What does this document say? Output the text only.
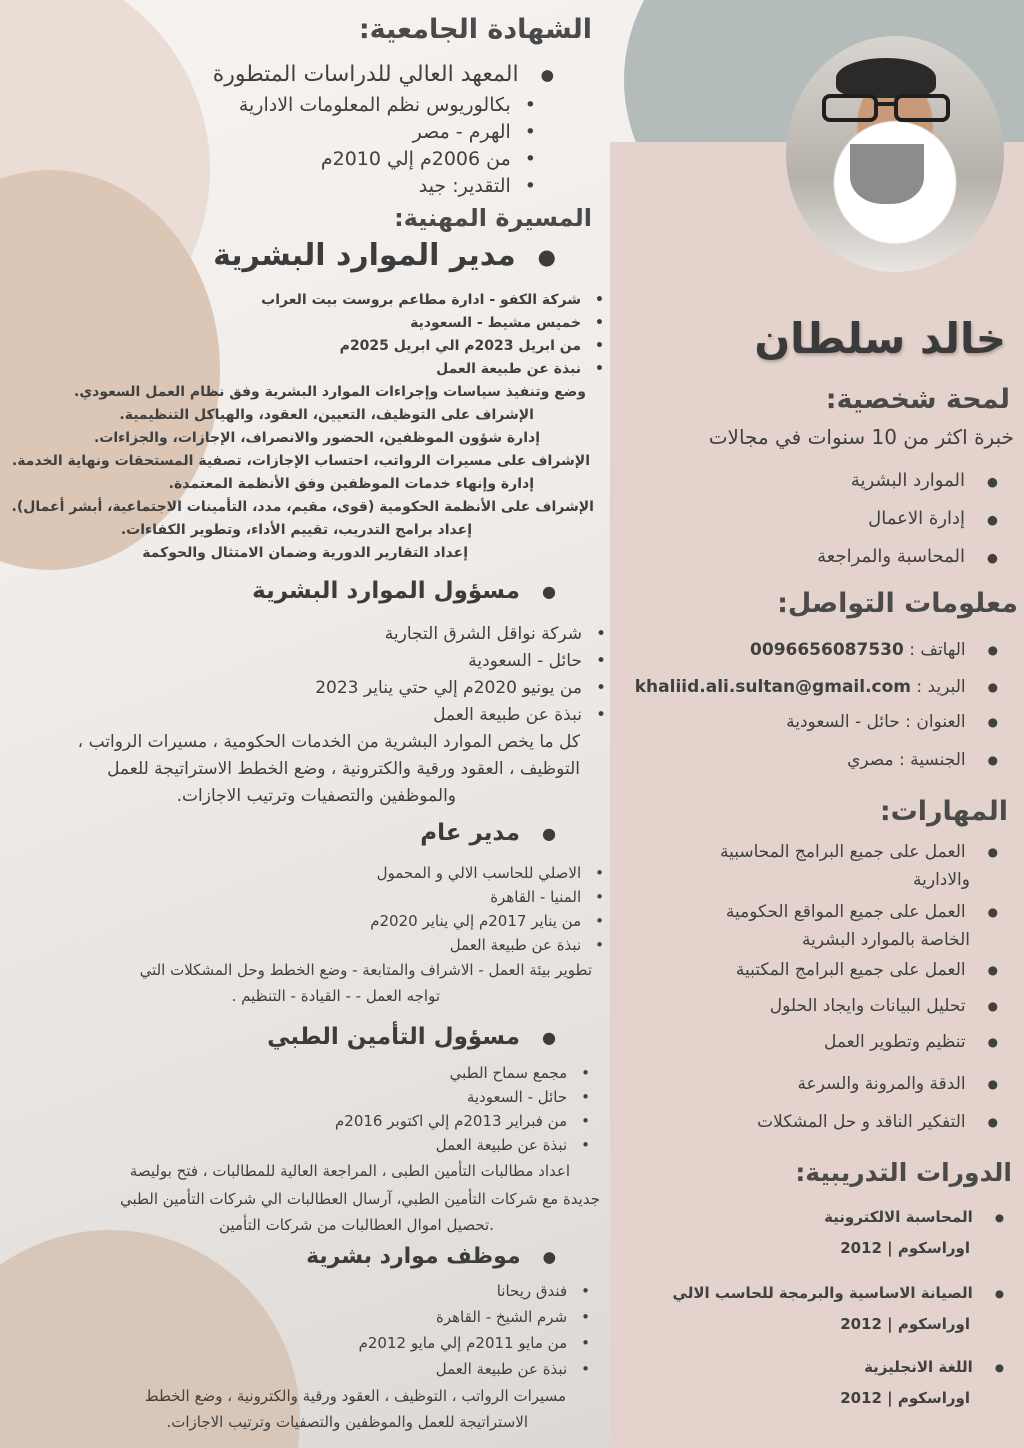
الشهادة الجامعية:
● المعهد العالي للدراسات المتطورة
• بكالوريوس نظم المعلومات الادارية
• الهرم - مصر
• من 2006م إلي 2010م
• التقدير: جيد
المسيرة المهنية:
● مدير الموارد البشرية
• شركة الكفو - ادارة مطاعم بروست بيت العراب
• خميس مشيط - السعودية
• من ابريل 2023م الي ابريل 2025م
• نبذة عن طبيعة العمل
وضع وتنفيذ سياسات وإجراءات الموارد البشرية وفق نظام العمل السعودي.
الإشراف على التوظيف، التعيين، العقود، والهياكل التنظيمية.
إدارة شؤون الموظفين، الحضور والانصراف، الإجازات، والجزاءات.
الإشراف على مسيرات الرواتب، احتساب الإجازات، تصفية المستحقات ونهاية الخدمة.
إدارة وإنهاء خدمات الموظفين وفق الأنظمة المعتمدة.
الإشراف على الأنظمة الحكومية (قوى، مقيم، مدد، التأمينات الاجتماعية، أبشر أعمال).
إعداد برامج التدريب، تقييم الأداء، وتطوير الكفاءات.
إعداد التقارير الدورية وضمان الامتثال والحوكمة
● مسؤول الموارد البشرية
• شركة نواقل الشرق التجارية
• حائل - السعودية
• من يونيو 2020م إلي حتي يناير 2023
• نبذة عن طبيعة العمل
كل ما يخص الموارد البشرية من الخدمات الحكومية ، مسيرات الرواتب ،
التوظيف ، العقود ورقية والكترونية ، وضع الخطط الاستراتيجة للعمل
والموظفين والتصفيات وترتيب الاجازات.
● مدير عام
• الاصلي للحاسب الالي و المحمول
• المنيا - القاهرة
• من يناير 2017م إلي يناير 2020م
• نبذة عن طبيعة العمل
تطوير بيئة العمل - الاشراف والمتابعة - وضع الخطط وحل المشكلات التي
تواجه العمل - - القيادة - التنظيم .
● مسؤول التأمين الطبي
• مجمع سماح الطبي
• حائل - السعودية
• من فبراير 2013م إلي اكتوبر 2016م
• نبذة عن طبيعة العمل
اعداد مطالبات التأمين الطبى ، المراجعة العالية للمطالبات ، فتح بوليصة
جديدة مع شركات التأمين الطبي، آرسال العطالبات الي شركات التأمين الطبي
.تحصيل اموال العطالبات من شركات التأمين
● موظف موارد بشرية
• فندق ريحانا
• شرم الشيخ - القاهرة
• من مايو 2011م إلي مايو 2012م
• نبذة عن طبيعة العمل
مسيرات الرواتب ، التوظيف ، العقود ورقية والكترونية ، وضع الخطط
الاستراتيجة للعمل والموظفين والتصفيات وترتيب الاجازات.
خالد سلطان
لمحة شخصية:
خبرة اكثر من 10 سنوات في مجالات
● الموارد البشرية
● إدارة الاعمال
● المحاسبة والمراجعة
معلومات التواصل:
● الهاتف : 0096656087530
● البريد : khaliid.ali.sultan@gmail.com
● العنوان : حائل - السعودية
● الجنسية : مصري
المهارات:
● العمل على جميع البرامج المحاسبية
والادارية
● العمل على جميع المواقع الحكومية
الخاصة بالموارد البشرية
● العمل على جميع البرامج المكتبية
● تحليل البيانات وايجاد الحلول
● تنظيم وتطوير العمل
● الدقة والمرونة والسرعة
● التفكير الناقد و حل المشكلات
الدورات التدريبية:
● المحاسبة الالكترونية
اوراسكوم | 2012
● الصيانة الاساسية والبرمجة للحاسب الالي
اوراسكوم | 2012
● اللغة الانجليزية
اوراسكوم | 2012
